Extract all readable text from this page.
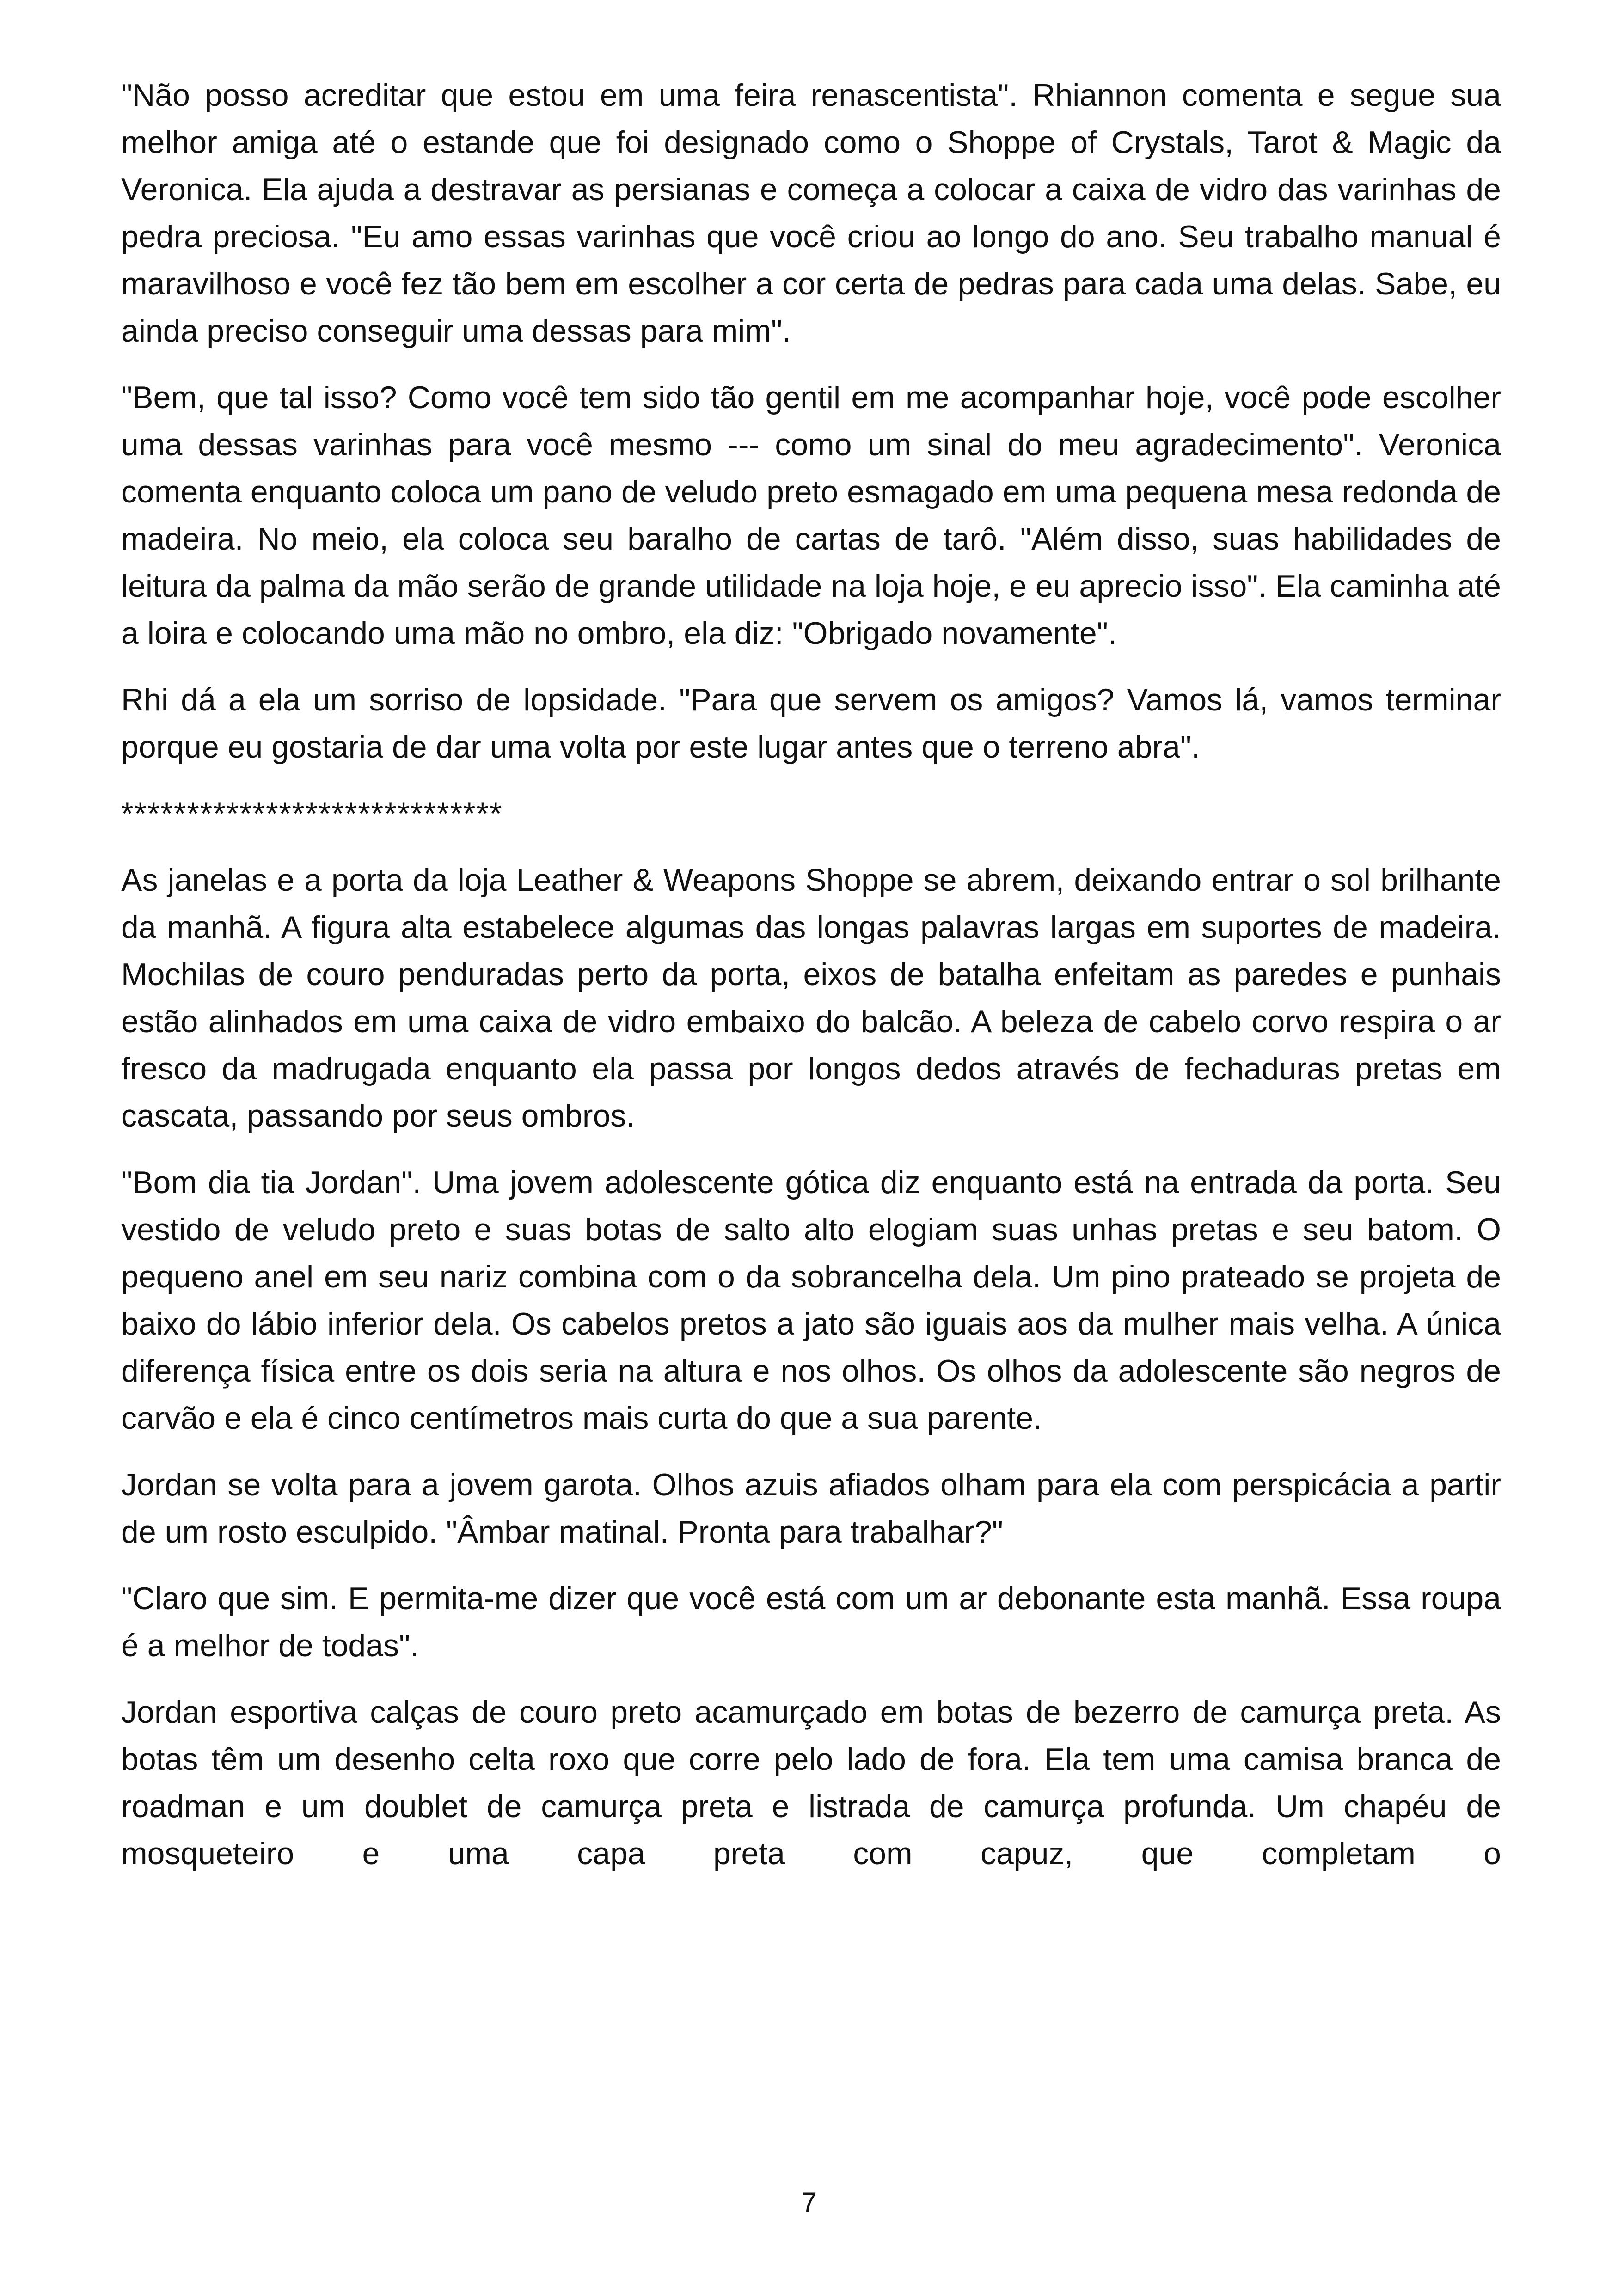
"Não posso acreditar que estou em uma feira renascentista". Rhiannon comenta e segue sua melhor amiga até o estande que foi designado como o Shoppe of Crystals, Tarot & Magic da Veronica. Ela ajuda a destravar as persianas e começa a colocar a caixa de vidro das varinhas de pedra preciosa. "Eu amo essas varinhas que você criou ao longo do ano. Seu trabalho manual é maravilhoso e você fez tão bem em escolher a cor certa de pedras para cada uma delas. Sabe, eu ainda preciso conseguir uma dessas para mim".

"Bem, que tal isso? Como você tem sido tão gentil em me acompanhar hoje, você pode escolher uma dessas varinhas para você mesmo --- como um sinal do meu agradecimento". Veronica comenta enquanto coloca um pano de veludo preto esmagado em uma pequena mesa redonda de madeira. No meio, ela coloca seu baralho de cartas de tarô. "Além disso, suas habilidades de leitura da palma da mão serão de grande utilidade na loja hoje, e eu aprecio isso". Ela caminha até a loira e colocando uma mão no ombro, ela diz: "Obrigado novamente".

Rhi dá a ela um sorriso de lopsidade. "Para que servem os amigos? Vamos lá, vamos terminar porque eu gostaria de dar uma volta por este lugar antes que o terreno abra".

*****************************

As janelas e a porta da loja Leather & Weapons Shoppe se abrem, deixando entrar o sol brilhante da manhã. A figura alta estabelece algumas das longas palavras largas em suportes de madeira. Mochilas de couro penduradas perto da porta, eixos de batalha enfeitam as paredes e punhais estão alinhados em uma caixa de vidro embaixo do balcão. A beleza de cabelo corvo respira o ar fresco da madrugada enquanto ela passa por longos dedos através de fechaduras pretas em cascata, passando por seus ombros.

"Bom dia tia Jordan". Uma jovem adolescente gótica diz enquanto está na entrada da porta. Seu vestido de veludo preto e suas botas de salto alto elogiam suas unhas pretas e seu batom. O pequeno anel em seu nariz combina com o da sobrancelha dela. Um pino prateado se projeta de baixo do lábio inferior dela. Os cabelos pretos a jato são iguais aos da mulher mais velha. A única diferença física entre os dois seria na altura e nos olhos. Os olhos da adolescente são negros de carvão e ela é cinco centímetros mais curta do que a sua parente.

Jordan se volta para a jovem garota. Olhos azuis afiados olham para ela com perspicácia a partir de um rosto esculpido. "Âmbar matinal. Pronta para trabalhar?"

"Claro que sim. E permita-me dizer que você está com um ar debonante esta manhã. Essa roupa é a melhor de todas".

Jordan esportiva calças de couro preto acamurçado em botas de bezerro de camurça preta. As botas têm um desenho celta roxo que corre pelo lado de fora. Ela tem uma camisa branca de roadman e um doublet de camurça preta e listrada de camurça profunda. Um chapéu de mosqueteiro e uma capa preta com capuz, que completam o

7
